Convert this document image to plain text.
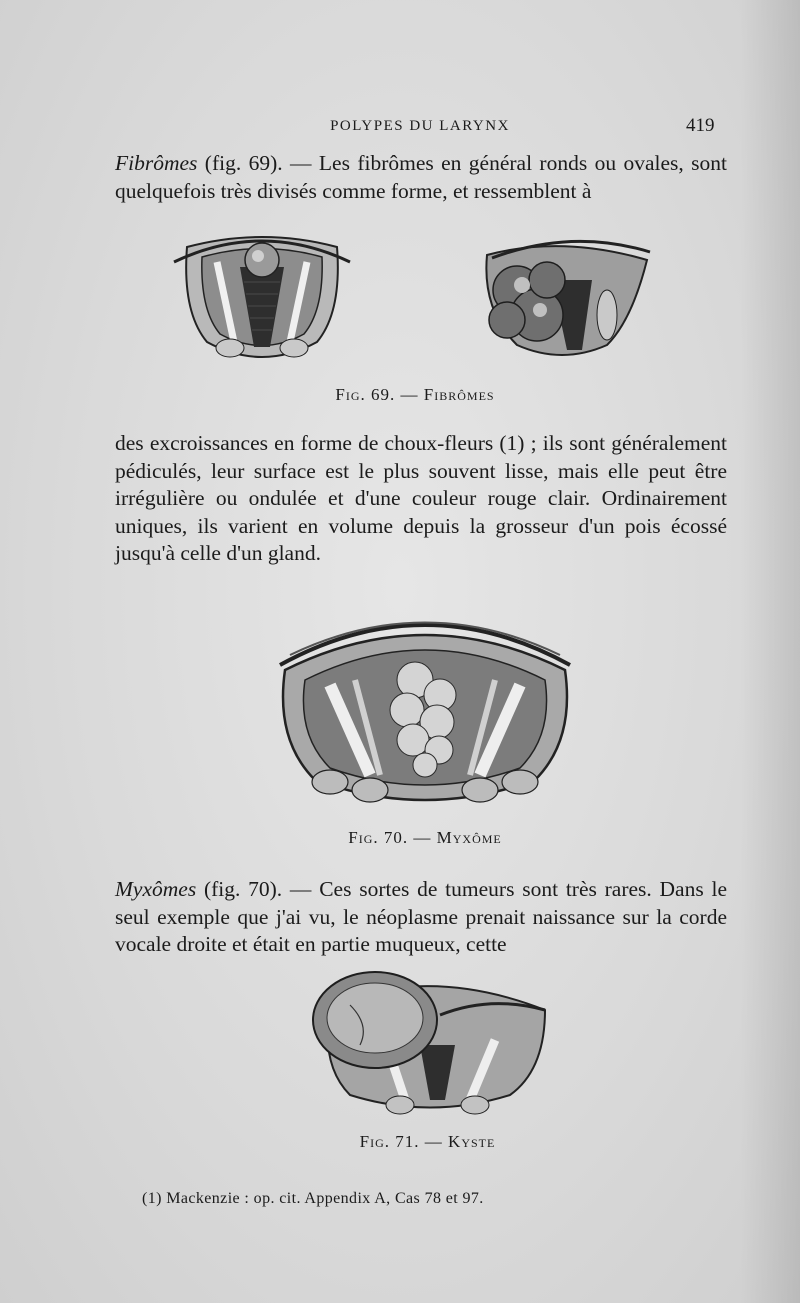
POLYPES DU LARYNX	419
Fibrômes (fig. 69). — Les fibrômes en général ronds ou ovales, sont quelquefois très divisés comme forme, et ressemblent à
Fig. 69. — Fibrômes
des excroissances en forme de choux-fleurs (1) ; ils sont généralement pédiculés, leur surface est le plus souvent lisse, mais elle peut être irrégulière ou ondulée et d'une couleur rouge clair. Ordinairement uniques, ils varient en volume depuis la grosseur d'un pois écossé jusqu'à celle d'un gland.
Fig. 70. — Myxôme
Myxômes (fig. 70). — Ces sortes de tumeurs sont très rares. Dans le seul exemple que j'ai vu, le néoplasme prenait naissance sur la corde vocale droite et était en partie muqueux, cette
Fig. 71. — Kyste
(1) Mackenzie : op. cit. Appendix A, Cas 78 et 97.
